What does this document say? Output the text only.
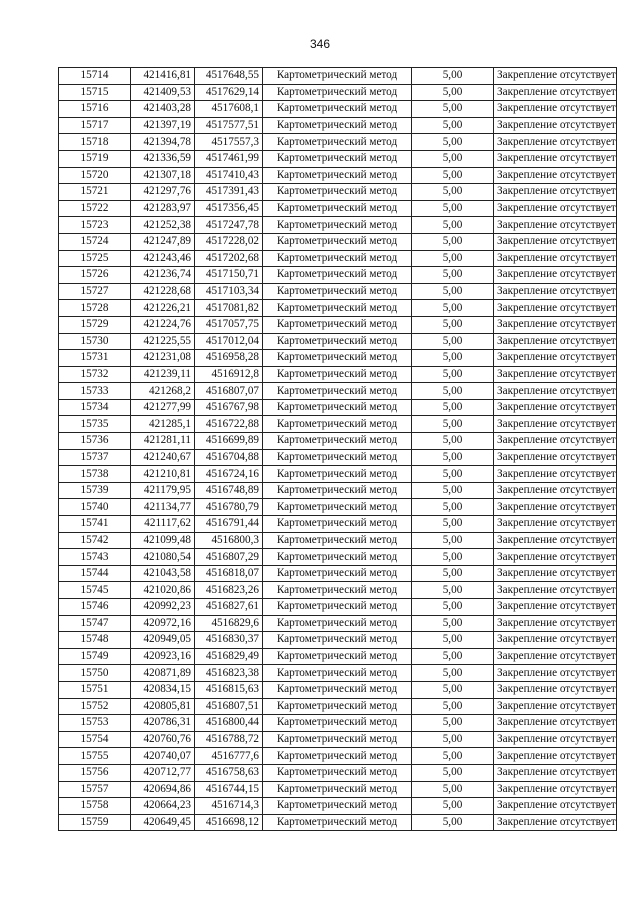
346
15714	421416,81	4517648,55	Картометрический метод	5,00	Закрепление отсутствует
15715	421409,53	4517629,14	Картометрический метод	5,00	Закрепление отсутствует
15716	421403,28	4517608,1	Картометрический метод	5,00	Закрепление отсутствует
15717	421397,19	4517577,51	Картометрический метод	5,00	Закрепление отсутствует
15718	421394,78	4517557,3	Картометрический метод	5,00	Закрепление отсутствует
15719	421336,59	4517461,99	Картометрический метод	5,00	Закрепление отсутствует
15720	421307,18	4517410,43	Картометрический метод	5,00	Закрепление отсутствует
15721	421297,76	4517391,43	Картометрический метод	5,00	Закрепление отсутствует
15722	421283,97	4517356,45	Картометрический метод	5,00	Закрепление отсутствует
15723	421252,38	4517247,78	Картометрический метод	5,00	Закрепление отсутствует
15724	421247,89	4517228,02	Картометрический метод	5,00	Закрепление отсутствует
15725	421243,46	4517202,68	Картометрический метод	5,00	Закрепление отсутствует
15726	421236,74	4517150,71	Картометрический метод	5,00	Закрепление отсутствует
15727	421228,68	4517103,34	Картометрический метод	5,00	Закрепление отсутствует
15728	421226,21	4517081,82	Картометрический метод	5,00	Закрепление отсутствует
15729	421224,76	4517057,75	Картометрический метод	5,00	Закрепление отсутствует
15730	421225,55	4517012,04	Картометрический метод	5,00	Закрепление отсутствует
15731	421231,08	4516958,28	Картометрический метод	5,00	Закрепление отсутствует
15732	421239,11	4516912,8	Картометрический метод	5,00	Закрепление отсутствует
15733	421268,2	4516807,07	Картометрический метод	5,00	Закрепление отсутствует
15734	421277,99	4516767,98	Картометрический метод	5,00	Закрепление отсутствует
15735	421285,1	4516722,88	Картометрический метод	5,00	Закрепление отсутствует
15736	421281,11	4516699,89	Картометрический метод	5,00	Закрепление отсутствует
15737	421240,67	4516704,88	Картометрический метод	5,00	Закрепление отсутствует
15738	421210,81	4516724,16	Картометрический метод	5,00	Закрепление отсутствует
15739	421179,95	4516748,89	Картометрический метод	5,00	Закрепление отсутствует
15740	421134,77	4516780,79	Картометрический метод	5,00	Закрепление отсутствует
15741	421117,62	4516791,44	Картометрический метод	5,00	Закрепление отсутствует
15742	421099,48	4516800,3	Картометрический метод	5,00	Закрепление отсутствует
15743	421080,54	4516807,29	Картометрический метод	5,00	Закрепление отсутствует
15744	421043,58	4516818,07	Картометрический метод	5,00	Закрепление отсутствует
15745	421020,86	4516823,26	Картометрический метод	5,00	Закрепление отсутствует
15746	420992,23	4516827,61	Картометрический метод	5,00	Закрепление отсутствует
15747	420972,16	4516829,6	Картометрический метод	5,00	Закрепление отсутствует
15748	420949,05	4516830,37	Картометрический метод	5,00	Закрепление отсутствует
15749	420923,16	4516829,49	Картометрический метод	5,00	Закрепление отсутствует
15750	420871,89	4516823,38	Картометрический метод	5,00	Закрепление отсутствует
15751	420834,15	4516815,63	Картометрический метод	5,00	Закрепление отсутствует
15752	420805,81	4516807,51	Картометрический метод	5,00	Закрепление отсутствует
15753	420786,31	4516800,44	Картометрический метод	5,00	Закрепление отсутствует
15754	420760,76	4516788,72	Картометрический метод	5,00	Закрепление отсутствует
15755	420740,07	4516777,6	Картометрический метод	5,00	Закрепление отсутствует
15756	420712,77	4516758,63	Картометрический метод	5,00	Закрепление отсутствует
15757	420694,86	4516744,15	Картометрический метод	5,00	Закрепление отсутствует
15758	420664,23	4516714,3	Картометрический метод	5,00	Закрепление отсутствует
15759	420649,45	4516698,12	Картометрический метод	5,00	Закрепление отсутствует
